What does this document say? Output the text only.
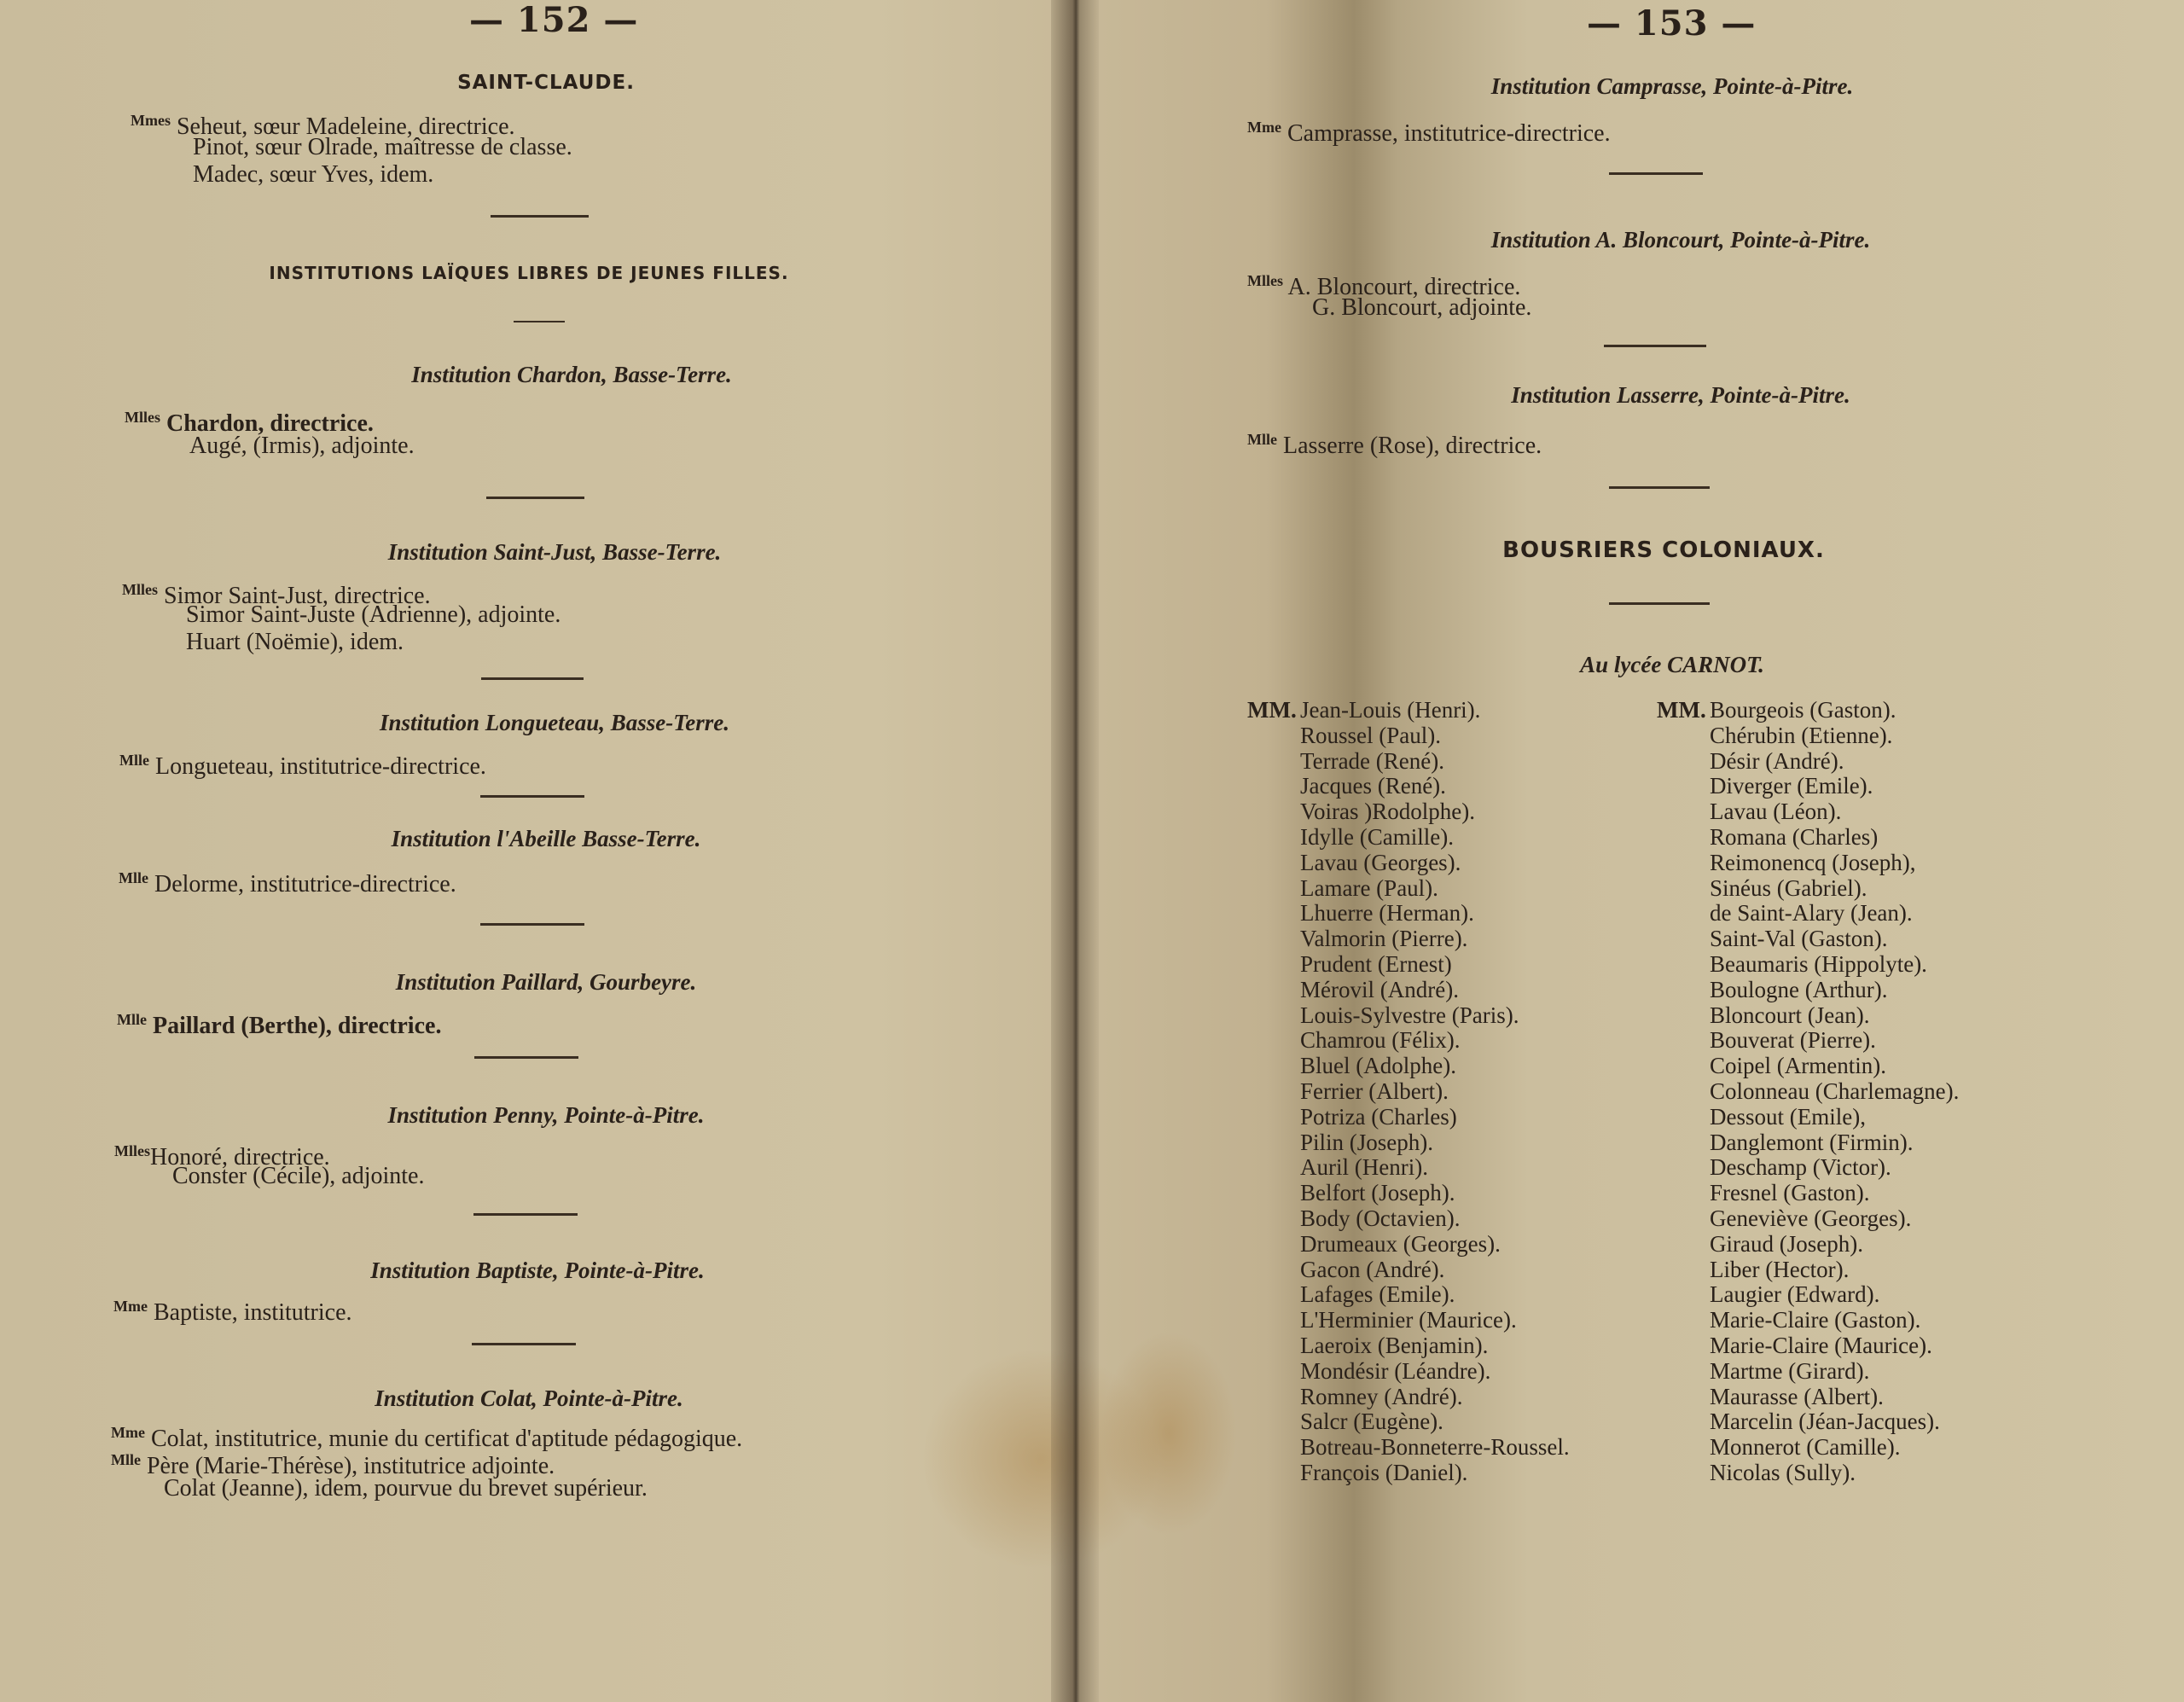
— 152 —
SAINT-CLAUDE.
$^{Mmes}$ Seheut, sœur Madeleine, directrice.
Pinot, sœur Olrade, maîtresse de classe.
Madec, sœur Yves, idem.
INSTITUTIONS LAÏQUES LIBRES DE JEUNES FILLES.
Institution Chardon, Basse-Terre.
$^{Mlles}$ Chardon, directrice.
Augé, (Irmis), adjointe.
Institution Saint-Just, Basse-Terre.
$^{Mlles}$ Simor Saint-Just, directrice.
Simor Saint-Juste (Adrienne), adjointe.
Huart (Noëmie), idem.
Institution Longueteau, Basse-Terre.
$^{Mlle}$ Longueteau, institutrice-directrice.
Institution l'Abeille Basse-Terre.
$^{Mlle}$ Delorme, institutrice-directrice.
Institution Paillard, Gourbeyre.
$^{Mlle}$ Paillard (Berthe), directrice.
Institution Penny, Pointe-à-Pitre.
$^{Mlles}$Honoré, directrice.
Conster (Cécile), adjointe.
Institution Baptiste, Pointe-à-Pitre.
$^{Mme}$ Baptiste, institutrice.
Institution Colat, Pointe-à-Pitre.
$^{Mme}$ Colat, institutrice, munie du certificat d'aptitude pédagogique.
$^{Mlle}$ Père (Marie-Thérèse), institutrice adjointe.
Colat (Jeanne), idem, pourvue du brevet supérieur.
— 153 —
Institution Camprasse, Pointe-à-Pitre.
$^{Mme}$ Camprasse, institutrice-directrice.
Institution A. Bloncourt, Pointe-à-Pitre.
$^{Mlles}$ A. Bloncourt, directrice.
G. Bloncourt, adjointe.
Institution Lasserre, Pointe-à-Pitre.
$^{Mlle}$ Lasserre (Rose), directrice.
BOUSRIERS COLONIAUX.
Au lycée CARNOT.
MM. Jean-Louis (Henri).
Roussel (Paul).
Terrade (René).
Jacques (René).
Voiras )Rodolphe).
Idylle (Camille).
Lavau (Georges).
Lamare (Paul).
Lhuerre (Herman).
Valmorin (Pierre).
Prudent (Ernest)
Mérovil (André).
Louis-Sylvestre (Paris).
Chamrou (Félix).
Bluel (Adolphe).
Ferrier (Albert).
Potriza (Charles)
Pilin (Joseph).
Auril (Henri).
Belfort (Joseph).
Body (Octavien).
Drumeaux (Georges).
Gacon (André).
Lafages (Emile).
L'Herminier (Maurice).
Laeroix (Benjamin).
Mondésir (Léandre).
Romney (André).
Salcr (Eugène).
Botreau-Bonneterre-Roussel.
François (Daniel).
MM. Bourgeois (Gaston).
Chérubin (Etienne).
Désir (André).
Diverger (Emile).
Lavau (Léon).
Romana (Charles)
Reimonencq (Joseph),
Sinéus (Gabriel).
de Saint-Alary (Jean).
Saint-Val (Gaston).
Beaumaris (Hippolyte).
Boulogne (Arthur).
Bloncourt (Jean).
Bouverat (Pierre).
Coipel (Armentin).
Colonneau (Charlemagne).
Dessout (Emile),
Danglemont (Firmin).
Deschamp (Victor).
Fresnel (Gaston).
Geneviève (Georges).
Giraud (Joseph).
Liber (Hector).
Laugier (Edward).
Marie-Claire (Gaston).
Marie-Claire (Maurice).
Martme (Girard).
Maurasse (Albert).
Marcelin (Jéan-Jacques).
Monnerot (Camille).
Nicolas (Sully).
